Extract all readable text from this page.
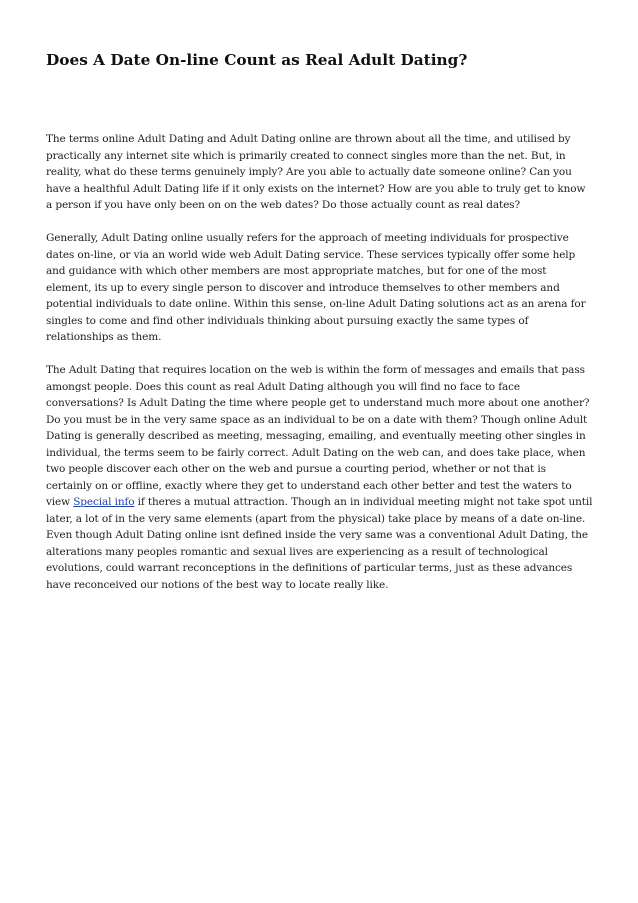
Does A Date On-line Count as Real Adult Dating?

The terms online Adult Dating and Adult Dating online are thrown about all the time, and utilised by practically any internet site which is primarily created to connect singles more than the net. But, in reality, what do these terms genuinely imply? Are you able to actually date someone online? Can you have a healthful Adult Dating life if it only exists on the internet? How are you able to truly get to know a person if you have only been on on the web dates? Do those actually count as real dates?

Generally, Adult Dating online usually refers for the approach of meeting individuals for prospective dates on-line, or via an world wide web Adult Dating service. These services typically offer some help and guidance with which other members are most appropriate matches, but for one of the most element, its up to every single person to discover and introduce themselves to other members and potential individuals to date online. Within this sense, on-line Adult Dating solutions act as an arena for singles to come and find other individuals thinking about pursuing exactly the same types of relationships as them.

The Adult Dating that requires location on the web is within the form of messages and emails that pass amongst people. Does this count as real Adult Dating although you will find no face to face conversations? Is Adult Dating the time where people get to understand much more about one another? Do you must be in the very same space as an individual to be on a date with them? Though online Adult Dating is generally described as meeting, messaging, emailing, and eventually meeting other singles in individual, the terms seem to be fairly correct. Adult Dating on the web can, and does take place, when two people discover each other on the web and pursue a courting period, whether or not that is certainly on or offline, exactly where they get to understand each other better and test the waters to view Special info if theres a mutual attraction. Though an in individual meeting might not take spot until later, a lot of in the very same elements (apart from the physical) take place by means of a date on-line. Even though Adult Dating online isnt defined inside the very same was a conventional Adult Dating, the alterations many peoples romantic and sexual lives are experiencing as a result of technological evolutions, could warrant reconceptions in the definitions of particular terms, just as these advances have reconceived our notions of the best way to locate really like.
